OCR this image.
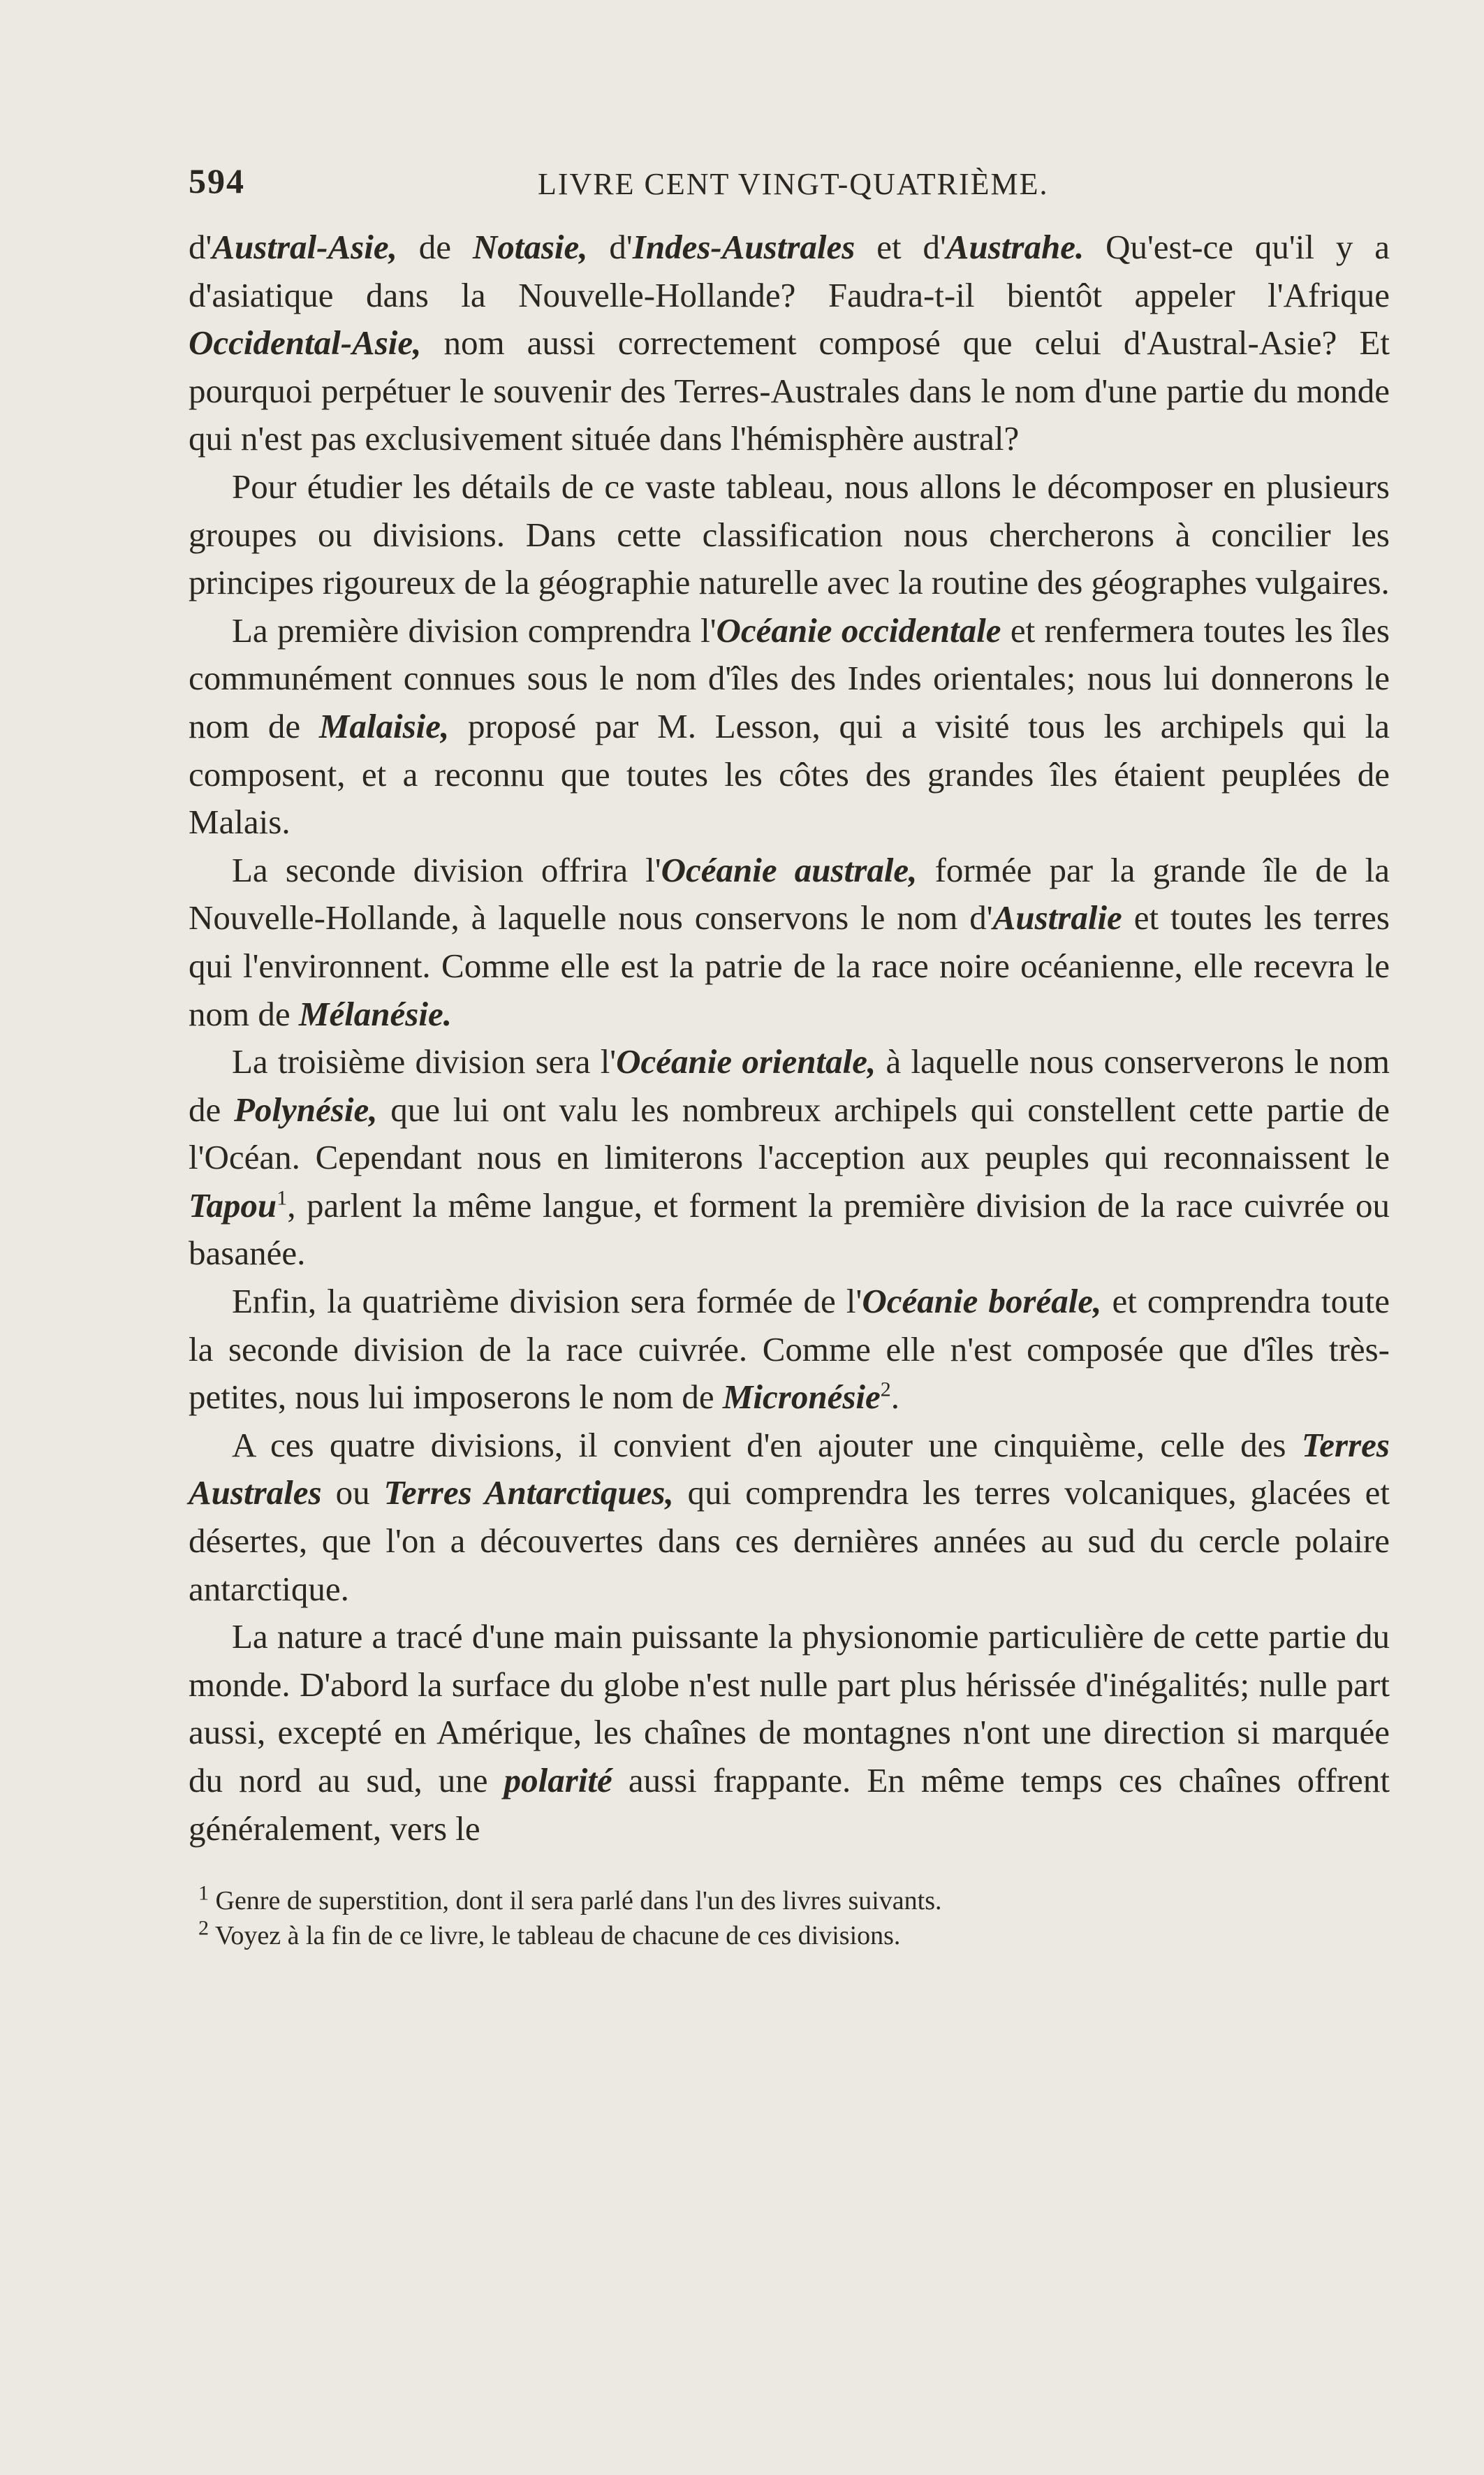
594	LIVRE CENT VINGT-QUATRIÈME.

d'Austral-Asie, de Notasie, d'Indes-Australes et d'Austrahe. Qu'est-ce qu'il y a d'asiatique dans la Nouvelle-Hollande? Faudra-t-il bientôt appeler l'Afrique Occidental-Asie, nom aussi correctement composé que celui d'Austral-Asie? Et pourquoi perpétuer le souvenir des Terres-Australes dans le nom d'une partie du monde qui n'est pas exclusivement située dans l'hémisphère austral?

Pour étudier les détails de ce vaste tableau, nous allons le décomposer en plusieurs groupes ou divisions. Dans cette classification nous chercherons à concilier les principes rigoureux de la géographie naturelle avec la routine des géographes vulgaires.

La première division comprendra l'Océanie occidentale et renfermera toutes les îles communément connues sous le nom d'îles des Indes orientales; nous lui donnerons le nom de Malaisie, proposé par M. Lesson, qui a visité tous les archipels qui la composent, et a reconnu que toutes les côtes des grandes îles étaient peuplées de Malais.

La seconde division offrira l'Océanie australe, formée par la grande île de la Nouvelle-Hollande, à laquelle nous conservons le nom d'Australie et toutes les terres qui l'environnent. Comme elle est la patrie de la race noire océanienne, elle recevra le nom de Mélanésie.

La troisième division sera l'Océanie orientale, à laquelle nous conserverons le nom de Polynésie, que lui ont valu les nombreux archipels qui constellent cette partie de l'Océan. Cependant nous en limiterons l'acception aux peuples qui reconnaissent le Tapou$^1$, parlent la même langue, et forment la première division de la race cuivrée ou basanée.

Enfin, la quatrième division sera formée de l'Océanie boréale, et comprendra toute la seconde division de la race cuivrée. Comme elle n'est composée que d'îles très-petites, nous lui imposerons le nom de Micronésie$^2$.

A ces quatre divisions, il convient d'en ajouter une cinquième, celle des Terres Australes ou Terres Antarctiques, qui comprendra les terres volcaniques, glacées et désertes, que l'on a découvertes dans ces dernières années au sud du cercle polaire antarctique.

La nature a tracé d'une main puissante la physionomie particulière de cette partie du monde. D'abord la surface du globe n'est nulle part plus hérissée d'inégalités; nulle part aussi, excepté en Amérique, les chaînes de montagnes n'ont une direction si marquée du nord au sud, une polarité aussi frappante. En même temps ces chaînes offrent généralement, vers le

$^1$ Genre de superstition, dont il sera parlé dans l'un des livres suivants.
$^2$ Voyez à la fin de ce livre, le tableau de chacune de ces divisions.
